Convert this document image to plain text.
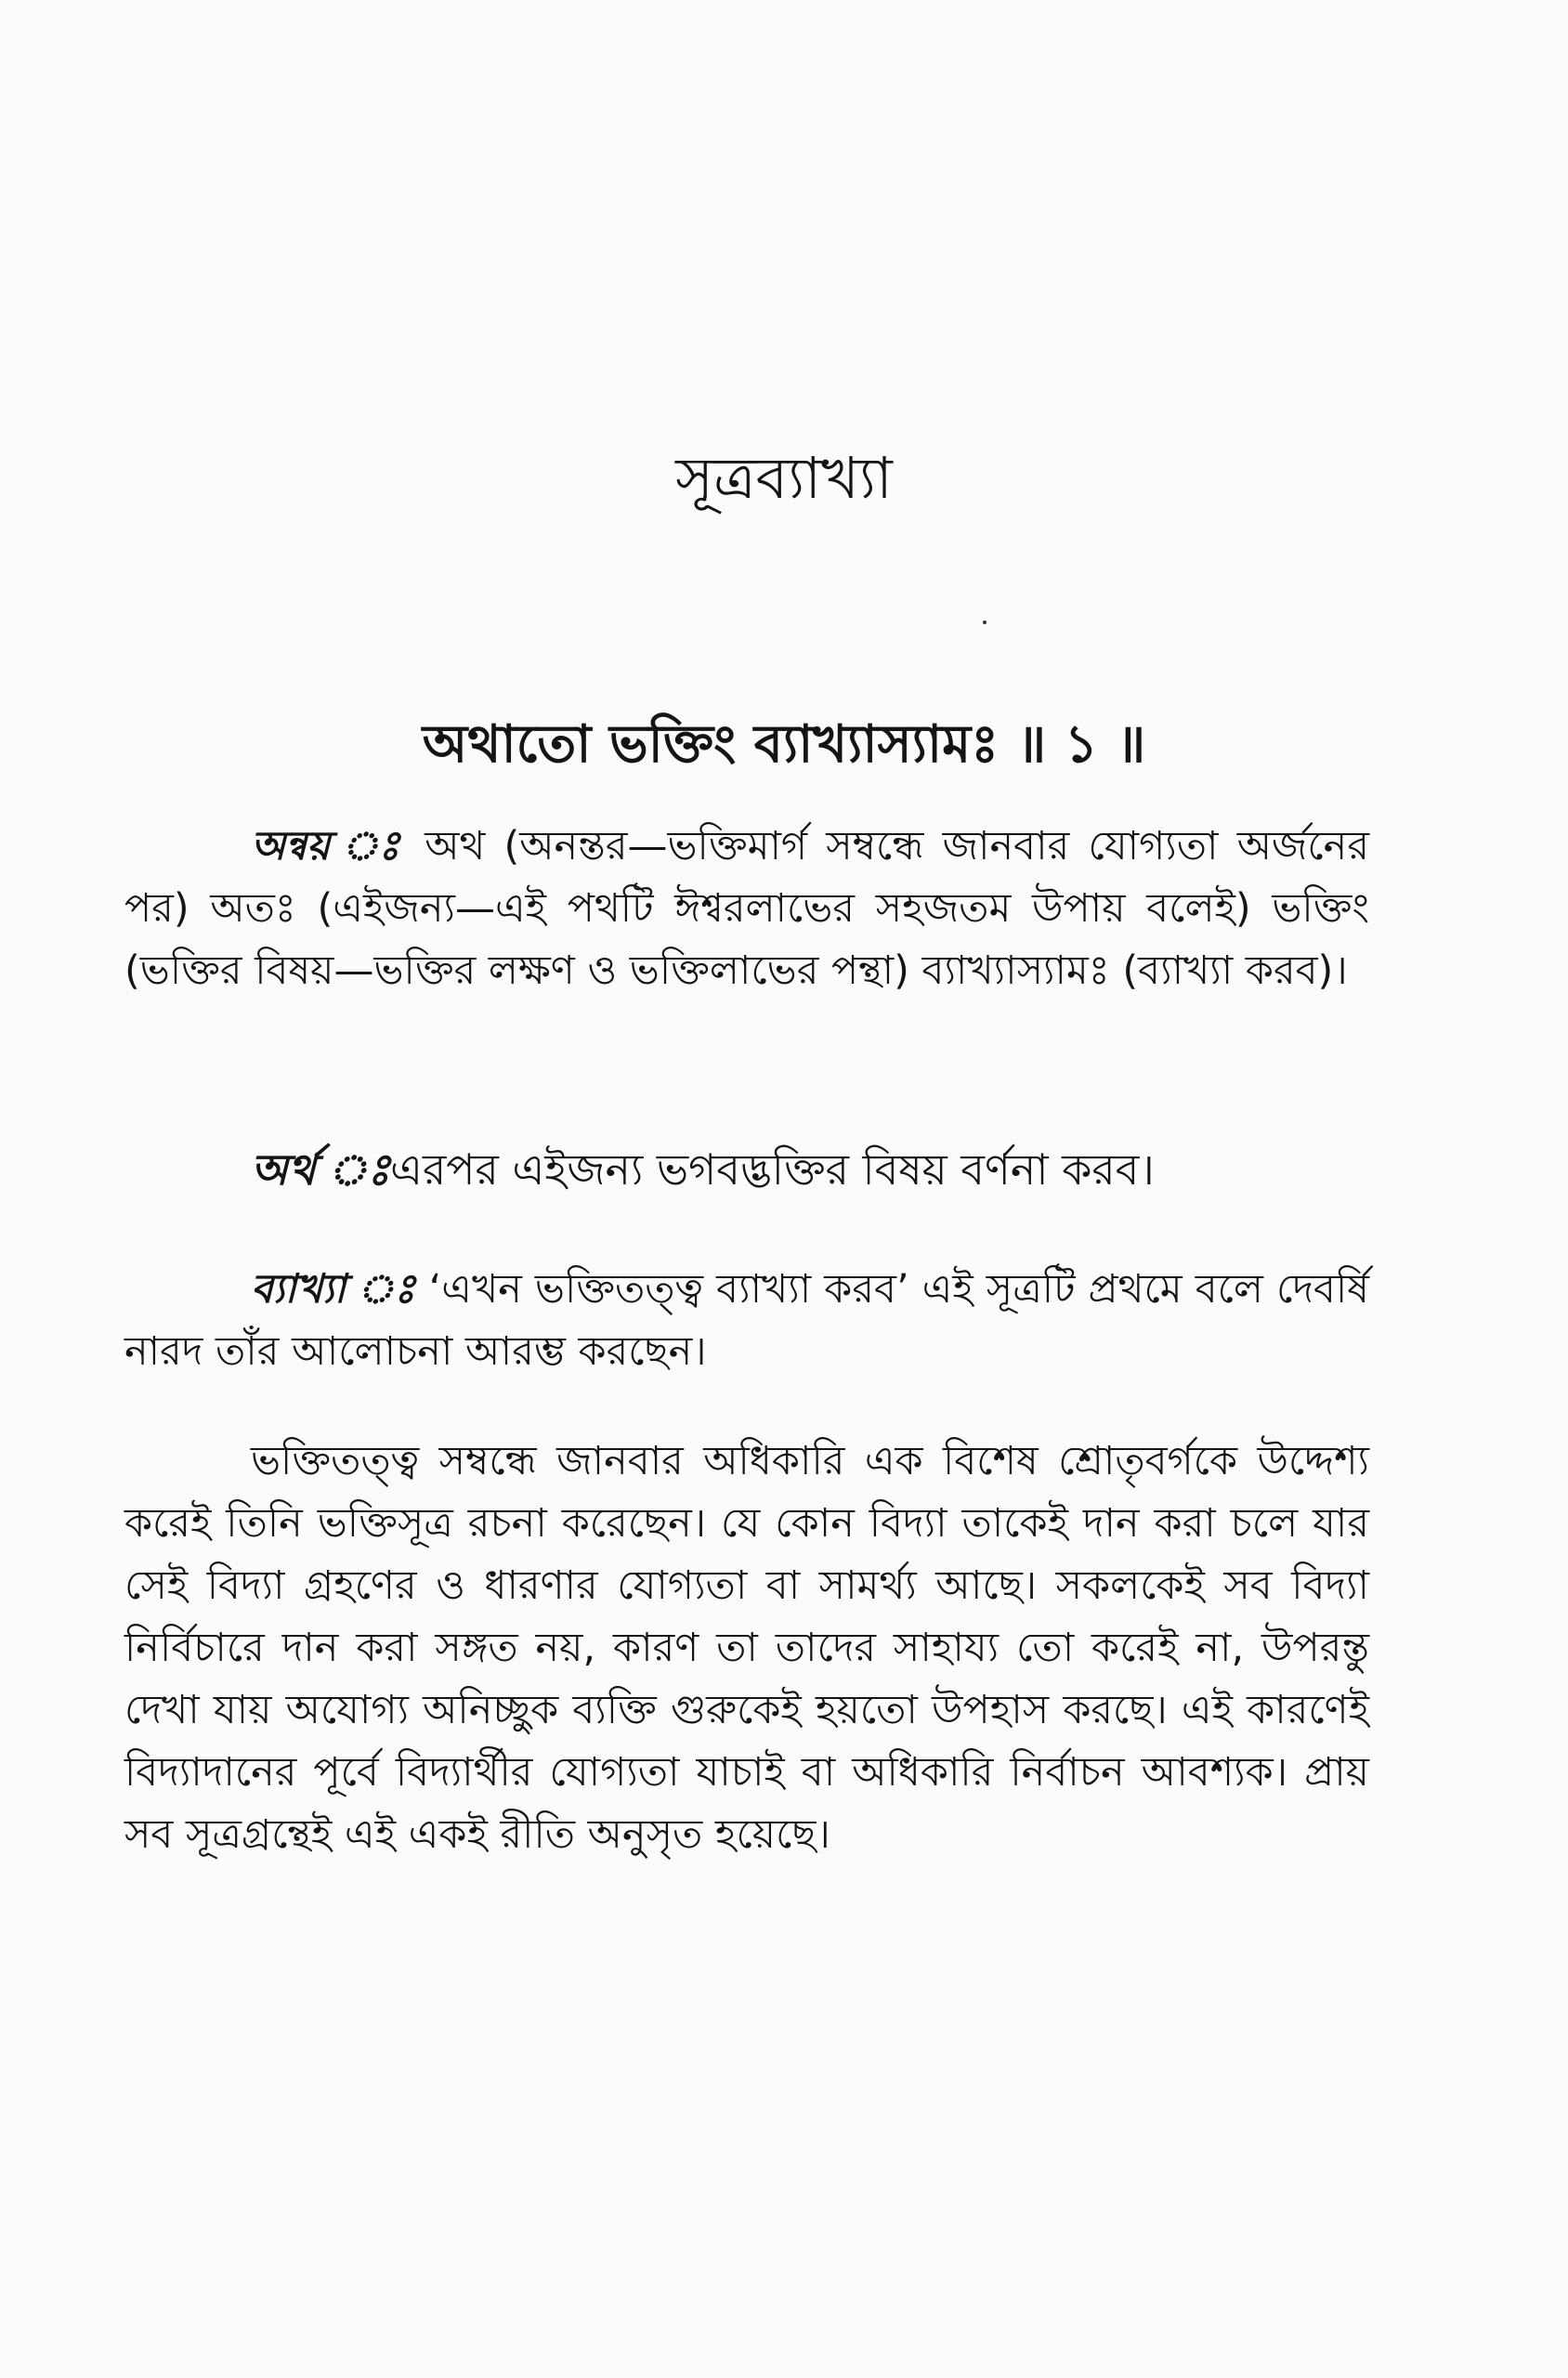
সূত্রব্যাখ্যা
অথাতো ভক্তিং ব্যাখ্যাস্যামঃ ॥ ১ ॥

অন্বয় ঃ অথ (অনন্তর—ভক্তিমার্গ সম্বন্ধে জানবার যোগ্যতা অর্জনের পর) অতঃ (এইজন্য—এই পথটি ঈশ্বরলাভের সহজতম উপায় বলেই) ভক্তিং (ভক্তির বিষয়—ভক্তির লক্ষণ ও ভক্তিলাভের পন্থা) ব্যাখ্যাস্যামঃ (ব্যাখ্যা করব)।

অর্থ ঃএরপর এইজন্য ভগবদ্ভক্তির বিষয় বর্ণনা করব।

ব্যাখ্যা ঃ ‘এখন ভক্তিতত্ত্ব ব্যাখ্যা করব’ এই সূত্রটি প্রথমে বলে দেবর্ষি নারদ তাঁর আলোচনা আরম্ভ করছেন।

ভক্তিতত্ত্ব সম্বন্ধে জানবার অধিকারি এক বিশেষ শ্রোতৃবর্গকে উদ্দেশ্য করেই তিনি ভক্তিসূত্র রচনা করেছেন। যে কোন বিদ্যা তাকেই দান করা চলে যার সেই বিদ্যা গ্রহণের ও ধারণার যোগ্যতা বা সামর্থ্য আছে। সকলকেই সব বিদ্যা নির্বিচারে দান করা সঙ্গত নয়, কারণ তা তাদের সাহায্য তো করেই না, উপরন্তু দেখা যায় অযোগ্য অনিচ্ছুক ব্যক্তি গুরুকেই হয়তো উপহাস করছে। এই কারণেই বিদ্যাদানের পূর্বে বিদ্যার্থীর যোগ্যতা যাচাই বা অধিকারি নির্বাচন আবশ্যক। প্রায় সব সূত্রগ্রন্থেই এই একই রীতি অনুসৃত হয়েছে।
